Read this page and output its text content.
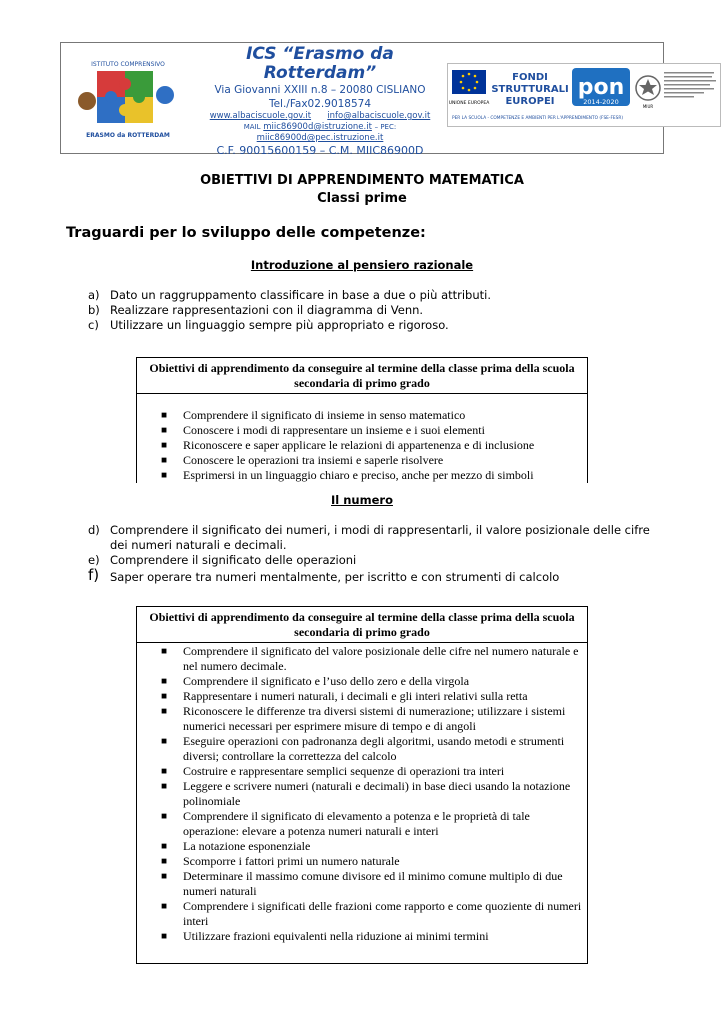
ISTITUTO COMPRENSIVO
ERASMO da ROTTERDAM
ICS “Erasmo da
Rotterdam”
Via Giovanni XXIII n.8 – 20080 CISLIANO
Tel./Fax02.9018574
www.albaciscuole.gov.it info@albaciscuole.gov.it
MAIL miic86900d@istruzione.it – PEC:
miic86900d@pec.istruzione.it
C.F. 90015600159 – C.M. MIIC86900D
UNIONE EUROPEA
FONDI
STRUTTURALI
EUROPEI
pon
2014-2020
MIUR
PER LA SCUOLA - COMPETENZE E AMBIENTI PER L'APPRENDIMENTO (FSE-FESR)
OBIETTIVI DI APPRENDIMENTO MATEMATICA
Classi prime
Traguardi per lo sviluppo delle competenze:
Introduzione al pensiero razionale
a) Dato un raggruppamento classificare in base a due o più attributi.
b) Realizzare rappresentazioni con il diagramma di Venn.
c) Utilizzare un linguaggio sempre più appropriato e rigoroso.
Obiettivi di apprendimento da conseguire al termine della classe prima della scuola secondaria di primo grado
■ Comprendere il significato di insieme in senso matematico
■ Conoscere i modi di rappresentare un insieme e i suoi elementi
■ Riconoscere e saper applicare le relazioni di appartenenza e di inclusione
■ Conoscere le operazioni tra insiemi e saperle risolvere
■ Esprimersi in un linguaggio chiaro e preciso, anche per mezzo di simboli
Il numero
d) Comprendere il significato dei numeri, i modi di rappresentarli, il valore posizionale delle cifre dei numeri naturali e decimali.
e) Comprendere il significato delle operazioni
f) Saper operare tra numeri mentalmente, per iscritto e con strumenti di calcolo
Obiettivi di apprendimento da conseguire al termine della classe prima della scuola secondaria di primo grado
■ Comprendere il significato del valore posizionale delle cifre nel numero naturale e nel numero decimale.
■ Comprendere il significato e l’uso dello zero e della virgola
■ Rappresentare i numeri naturali, i decimali e gli interi relativi sulla retta
■ Riconoscere le differenze tra diversi sistemi di numerazione; utilizzare i sistemi numerici necessari per esprimere misure di tempo e di angoli
■ Eseguire operazioni con padronanza degli algoritmi, usando metodi e strumenti diversi; controllare la correttezza del calcolo
■ Costruire e rappresentare semplici sequenze di operazioni tra interi
■ Leggere e scrivere numeri (naturali e decimali) in base dieci usando la notazione polinomiale
■ Comprendere il significato di elevamento a potenza e le proprietà di tale operazione: elevare a potenza numeri naturali e interi
■ La notazione esponenziale
■ Scomporre i fattori primi un numero naturale
■ Determinare il massimo comune divisore ed il minimo comune multiplo di due numeri naturali
■ Comprendere i significati delle frazioni come rapporto e come quoziente di numeri interi
■ Utilizzare frazioni equivalenti nella riduzione ai minimi termini
